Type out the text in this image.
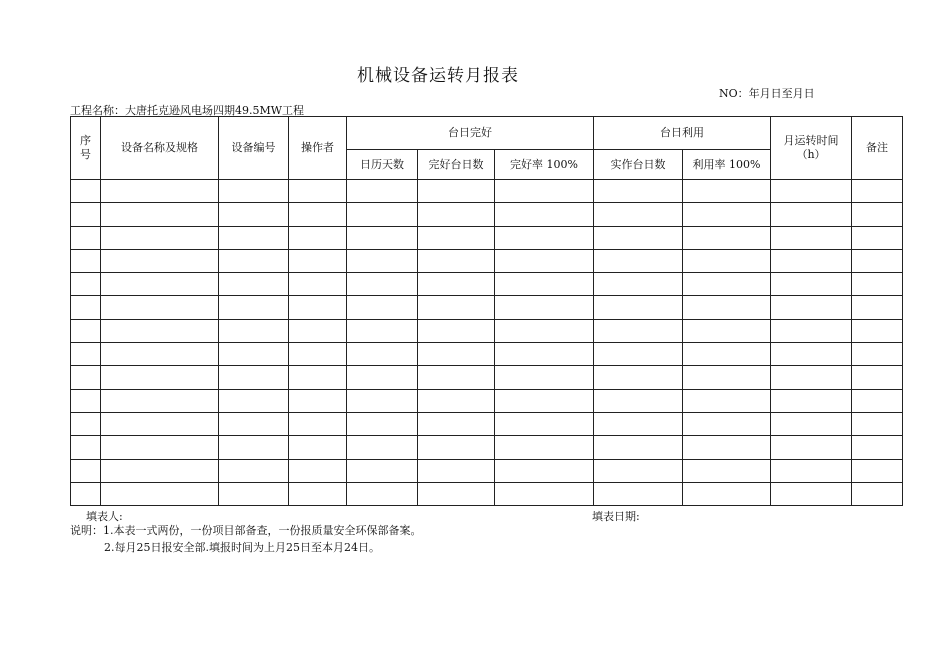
机械设备运转月报表
NO：年月日至月日
工程名称：大唐托克逊风电场四期49.5MW工程
序号	设备名称及规格	设备编号	操作者	台日完好			台日利用		月运转时间（h）	备注
				日历天数	完好台日数	完好率 100%	实作台日数	利用率 100%		

填表人:	填表日期:
说明：1.本表一式两份，一份项目部备查，一份报质量安全环保部备案。
2.每月25日报安全部.填报时间为上月25日至本月24日。
